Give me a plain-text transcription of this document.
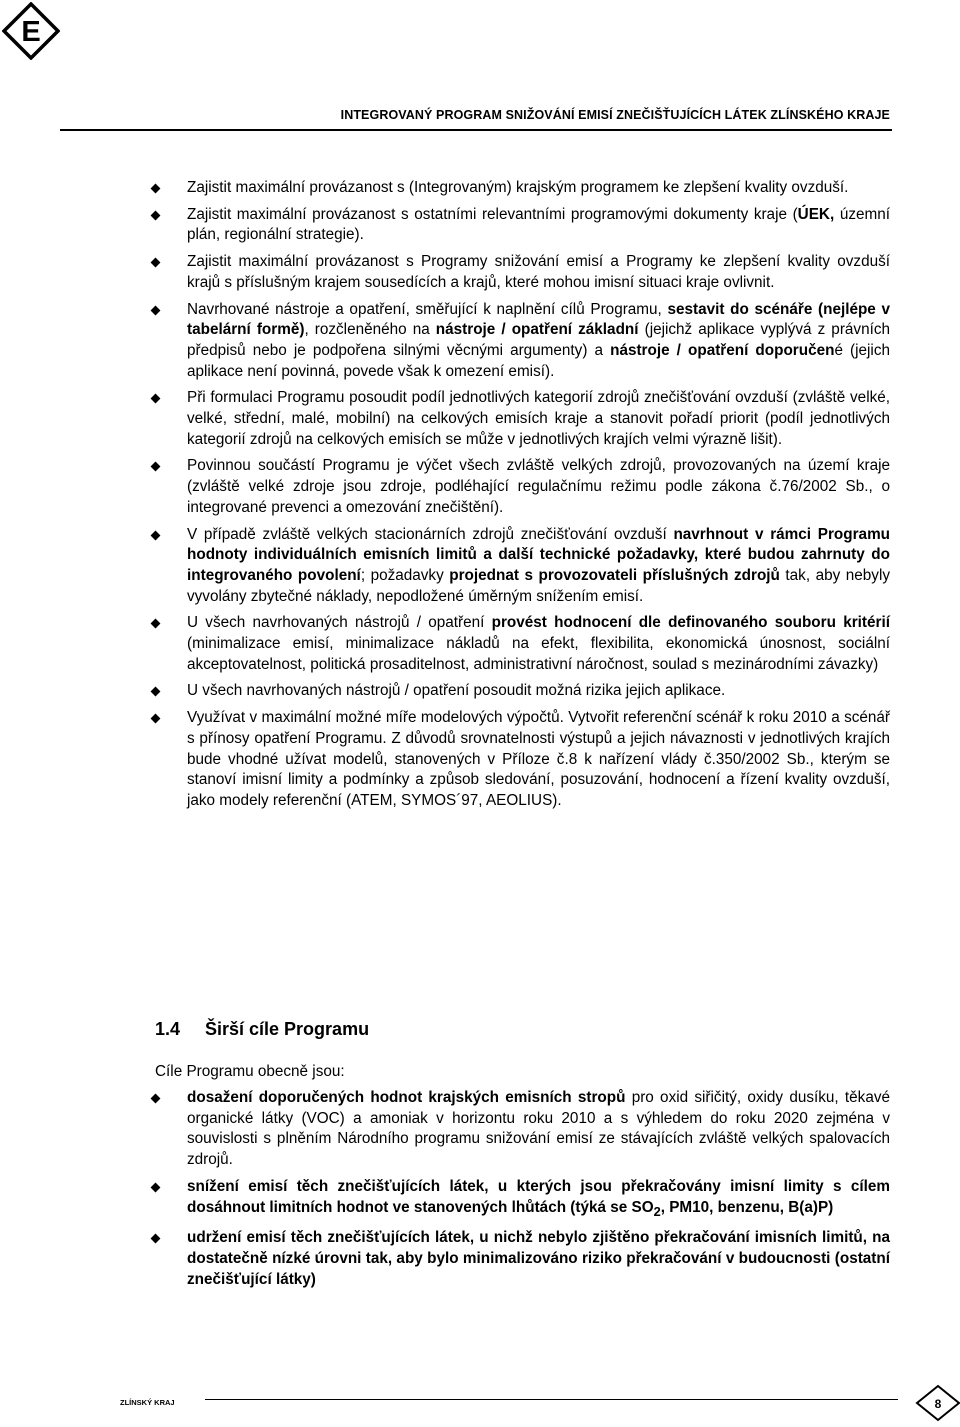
E
INTEGROVANÝ PROGRAM SNIŽOVÁNÍ EMISÍ ZNEČIŠŤUJÍCÍCH LÁTEK ZLÍNSKÉHO KRAJE
Zajistit maximální provázanost s (Integrovaným) krajským programem ke zlepšení kvality ovzduší.
Zajistit maximální provázanost s ostatními relevantními programovými dokumenty kraje (ÚEK, územní plán, regionální strategie).
Zajistit maximální provázanost s Programy snižování emisí a Programy ke zlepšení kvality ovzduší krajů s příslušným krajem sousedících a krajů, které mohou imisní situaci kraje ovlivnit.
Navrhované nástroje a opatření, směřující k naplnění cílů Programu, sestavit do scénáře (nejlépe v tabelární formě), rozčleněného na nástroje / opatření základní (jejichž aplikace vyplývá z právních předpisů nebo je podpořena silnými věcnými argumenty) a nástroje / opatření doporučené (jejich aplikace není povinná, povede však k omezení emisí).
Při formulaci Programu posoudit podíl jednotlivých kategorií zdrojů znečišťování ovzduší (zvláště velké, velké, střední, malé, mobilní) na celkových emisích kraje a stanovit pořadí priorit (podíl jednotlivých kategorií zdrojů na celkových emisích se může v jednotlivých krajích velmi výrazně lišit).
Povinnou součástí Programu je výčet všech zvláště velkých zdrojů, provozovaných na území kraje (zvláště velké zdroje jsou zdroje, podléhající regulačnímu režimu podle zákona č.76/2002 Sb., o integrované prevenci a omezování znečištění).
V případě zvláště velkých stacionárních zdrojů znečišťování ovzduší navrhnout v rámci Programu hodnoty individuálních emisních limitů a další technické požadavky, které budou zahrnuty do integrovaného povolení; požadavky projednat s provozovateli příslušných zdrojů tak, aby nebyly vyvolány zbytečné náklady, nepodložené úměrným snížením emisí.
U všech navrhovaných nástrojů / opatření provést hodnocení dle definovaného souboru kritérií (minimalizace emisí, minimalizace nákladů na efekt, flexibilita, ekonomická únosnost, sociální akceptovatelnost, politická prosaditelnost, administrativní náročnost, soulad s mezinárodními závazky)
U všech navrhovaných nástrojů / opatření posoudit možná rizika jejich aplikace.
Využívat v maximální možné míře modelových výpočtů. Vytvořit referenční scénář k roku 2010 a scénář s přínosy opatření Programu. Z důvodů srovnatelnosti výstupů a jejich návaznosti v jednotlivých krajích bude vhodné užívat modelů, stanovených v Příloze č.8 k nařízení vlády č.350/2002 Sb., kterým se stanoví imisní limity a podmínky a způsob sledování, posuzování, hodnocení a řízení kvality ovzduší, jako modely referenční (ATEM, SYMOS´97, AEOLIUS).
1.4 Širší cíle Programu
Cíle Programu obecně jsou:
dosažení doporučených hodnot krajských emisních stropů pro oxid siřičitý, oxidy dusíku, těkavé organické látky (VOC) a amoniak v horizontu roku 2010 a s výhledem do roku 2020 zejména v souvislosti s plněním Národního programu snižování emisí ze stávajících zvláště velkých spalovacích zdrojů.
snížení emisí těch znečišťujících látek, u kterých jsou překračovány imisní limity s cílem dosáhnout limitních hodnot ve stanovených lhůtách (týká se $SO_2$, PM10, benzenu, B(a)P)
udržení emisí těch znečišťujících látek, u nichž nebylo zjištěno překračování imisních limitů, na dostatečně nízké úrovni tak, aby bylo minimalizováno riziko překračování v budoucnosti (ostatní znečišťující látky)
ZLÍNSKÝ KRAJ	8
